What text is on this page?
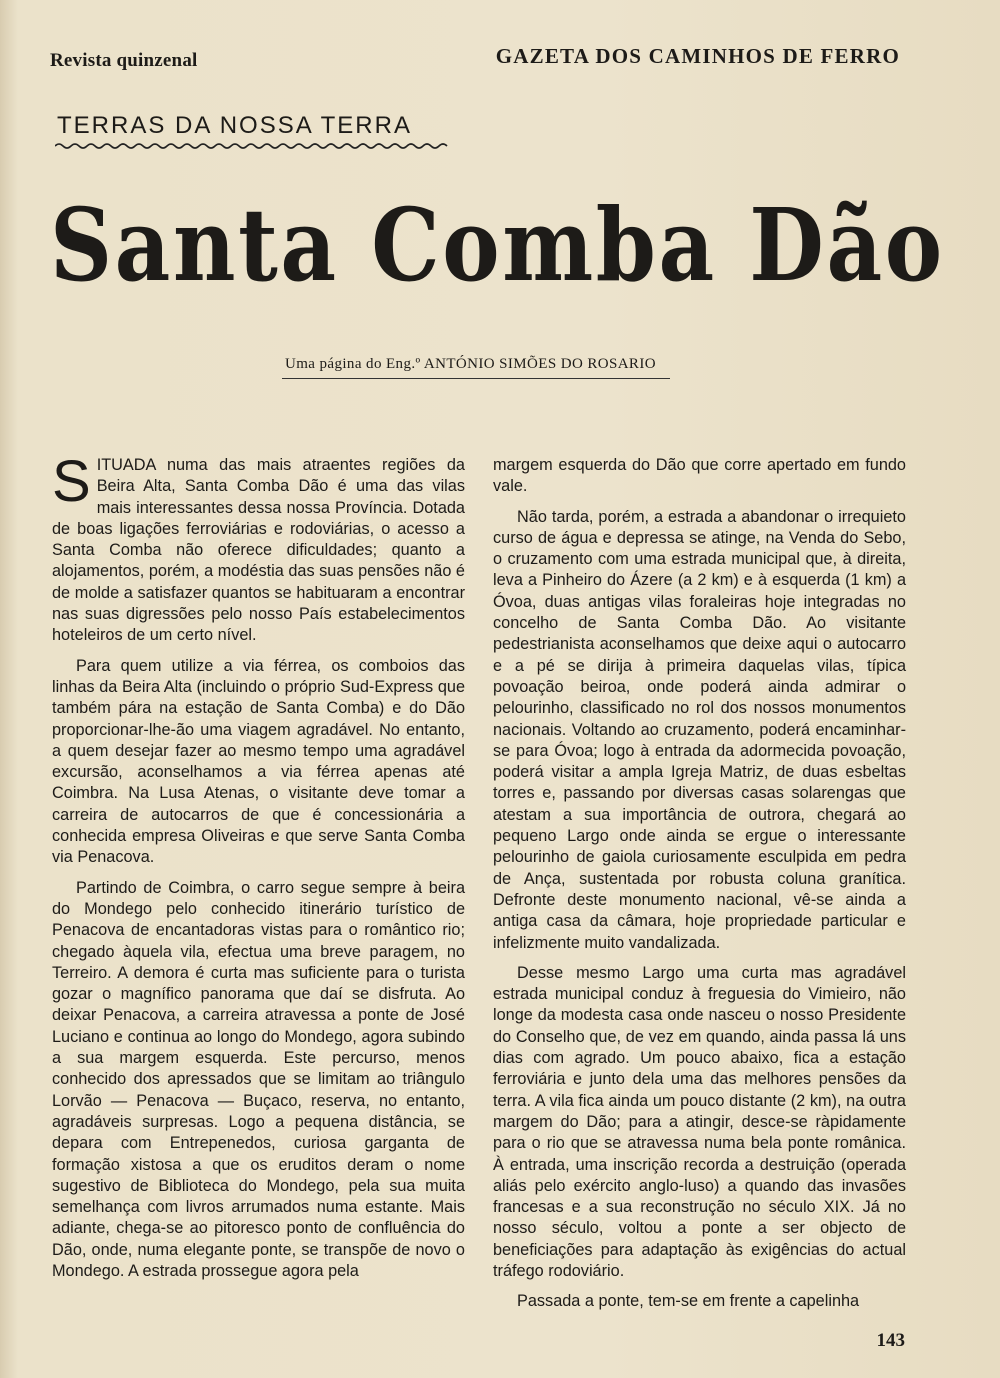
Revista quinzenal	GAZETA DOS CAMINHOS DE FERRO
TERRAS DA NOSSA TERRA
Santa Comba Dão
Uma página do Eng.º ANTÓNIO SIMÕES DO ROSARIO

SITUADA numa das mais atraentes regiões da Beira Alta, Santa Comba Dão é uma das vilas mais interessantes dessa nossa Província. Dotada de boas ligações ferroviárias e rodoviárias, o acesso a Santa Comba não oferece dificuldades; quanto a alojamentos, porém, a modéstia das suas pensões não é de molde a satisfazer quantos se habituaram a encontrar nas suas digressões pelo nosso País estabelecimentos hoteleiros de um certo nível.

Para quem utilize a via férrea, os comboios das linhas da Beira Alta (incluindo o próprio Sud-Express que também pára na estação de Santa Comba) e do Dão proporcionar-lhe-ão uma viagem agradável. No entanto, a quem desejar fazer ao mesmo tempo uma agradável excursão, aconselhamos a via férrea apenas até Coimbra. Na Lusa Atenas, o visitante deve tomar a carreira de autocarros de que é concessionária a conhecida empresa Oliveiras e que serve Santa Comba via Penacova.

Partindo de Coimbra, o carro segue sempre à beira do Mondego pelo conhecido itinerário turístico de Penacova de encantadoras vistas para o romântico rio; chegado àquela vila, efectua uma breve paragem, no Terreiro. A demora é curta mas suficiente para o turista gozar o magnífico panorama que daí se disfruta. Ao deixar Penacova, a carreira atravessa a ponte de José Luciano e continua ao longo do Mondego, agora subindo a sua margem esquerda. Este percurso, menos conhecido dos apressados que se limitam ao triângulo Lorvão — Penacova — Buçaco, reserva, no entanto, agradáveis surpresas. Logo a pequena distância, se depara com Entrepenedos, curiosa garganta de formação xistosa a que os eruditos deram o nome sugestivo de Biblioteca do Mondego, pela sua muita semelhança com livros arrumados numa estante. Mais adiante, chega-se ao pitoresco ponto de confluência do Dão, onde, numa elegante ponte, se transpõe de novo o Mondego. A estrada prossegue agora pela

margem esquerda do Dão que corre apertado em fundo vale.

Não tarda, porém, a estrada a abandonar o irrequieto curso de água e depressa se atinge, na Venda do Sebo, o cruzamento com uma estrada municipal que, à direita, leva a Pinheiro do Ázere (a 2 km) e à esquerda (1 km) a Óvoa, duas antigas vilas foraleiras hoje integradas no concelho de Santa Comba Dão. Ao visitante pedestrianista aconselhamos que deixe aqui o autocarro e a pé se dirija à primeira daquelas vilas, típica povoação beiroa, onde poderá ainda admirar o pelourinho, classificado no rol dos nossos monumentos nacionais. Voltando ao cruzamento, poderá encaminhar-se para Óvoa; logo à entrada da adormecida povoação, poderá visitar a ampla Igreja Matriz, de duas esbeltas torres e, passando por diversas casas solarengas que atestam a sua importância de outrora, chegará ao pequeno Largo onde ainda se ergue o interessante pelourinho de gaiola curiosamente esculpida em pedra de Ança, sustentada por robusta coluna granítica. Defronte deste monumento nacional, vê-se ainda a antiga casa da câmara, hoje propriedade particular e infelizmente muito vandalizada.

Desse mesmo Largo uma curta mas agradável estrada municipal conduz à freguesia do Vimieiro, não longe da modesta casa onde nasceu o nosso Presidente do Conselho que, de vez em quando, ainda passa lá uns dias com agrado. Um pouco abaixo, fica a estação ferroviária e junto dela uma das melhores pensões da terra. A vila fica ainda um pouco distante (2 km), na outra margem do Dão; para a atingir, desce-se ràpidamente para o rio que se atravessa numa bela ponte românica. À entrada, uma inscrição recorda a destruição (operada aliás pelo exército anglo-luso) a quando das invasões francesas e a sua reconstrução no século XIX. Já no nosso século, voltou a ponte a ser objecto de beneficiações para adaptação às exigências do actual tráfego rodoviário.

Passada a ponte, tem-se em frente a capelinha

143
